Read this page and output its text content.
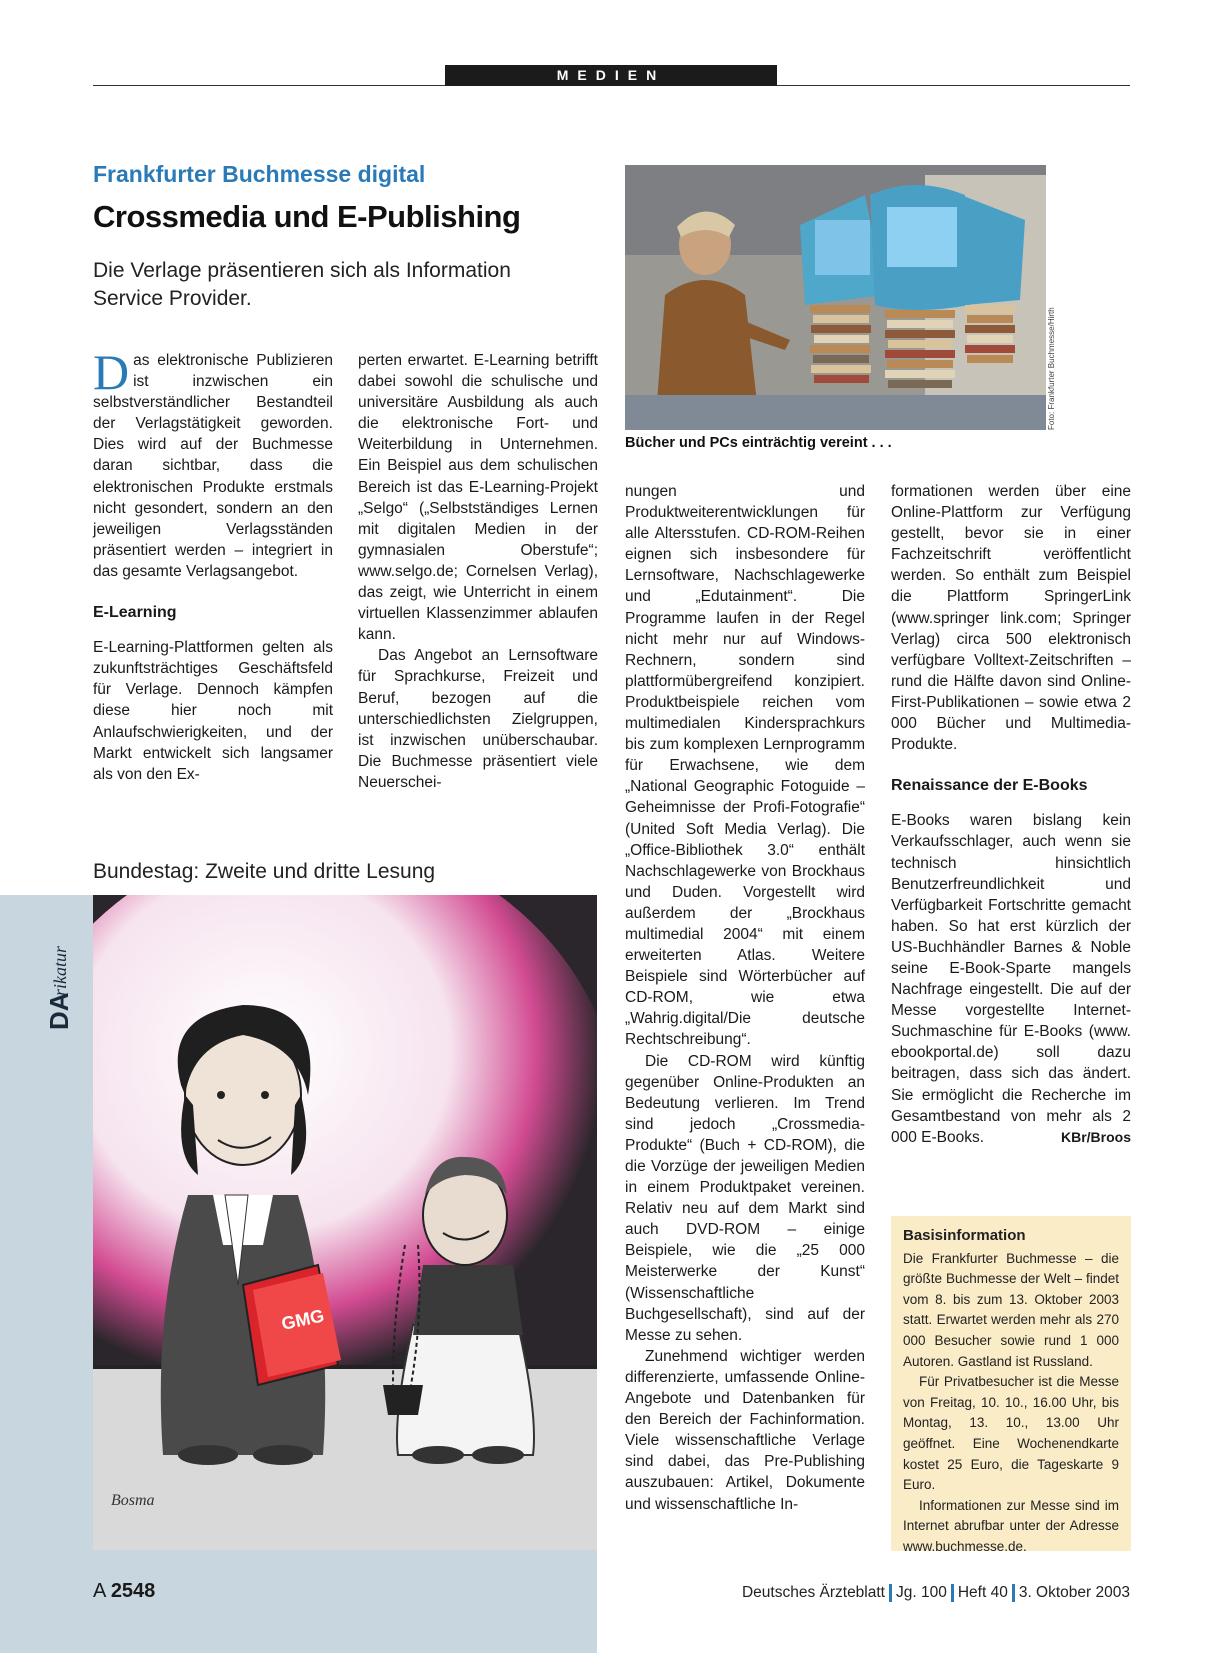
MEDIEN
Frankfurter Buchmesse digital
Crossmedia und E-Publishing
Die Verlage präsentieren sich als Information Service Provider.
Foto: Frankfurter Buchmesse/Hirth
Bücher und PCs einträchtig vereint . . .

Das elektronische Publizieren ist inzwischen ein selbstverständlicher Bestandteil der Verlagstätigkeit geworden. Dies wird auf der Buchmesse daran sichtbar, dass die elektronischen Produkte erstmals nicht gesondert, sondern an den jeweiligen Verlagsständen präsentiert werden – integriert in das gesamte Verlagsangebot.

E-Learning

E-Learning-Plattformen gelten als zukunftsträchtiges Geschäftsfeld für Verlage. Dennoch kämpfen diese hier noch mit Anlaufschwierigkeiten, und der Markt entwickelt sich langsamer als von den Ex-

perten erwartet. E-Learning betrifft dabei sowohl die schulische und universitäre Ausbildung als auch die elektronische Fort- und Weiterbildung in Unternehmen. Ein Beispiel aus dem schulischen Bereich ist das E-Learning-Projekt „Selgo“ („Selbstständiges Lernen mit digitalen Medien in der gymnasialen Oberstufe“; www.selgo.de; Cornelsen Verlag), das zeigt, wie Unterricht in einem virtuellen Klassenzimmer ablaufen kann.

Das Angebot an Lernsoftware für Sprachkurse, Freizeit und Beruf, bezogen auf die unterschiedlichsten Zielgruppen, ist inzwischen unüberschaubar. Die Buchmesse präsentiert viele Neuerschei-

nungen und Produktweiterentwicklungen für alle Altersstufen. CD-ROM-Reihen eignen sich insbesondere für Lernsoftware, Nachschlagewerke und „Edutainment“. Die Programme laufen in der Regel nicht mehr nur auf Windows-Rechnern, sondern sind plattformübergreifend konzipiert. Produktbeispiele reichen vom multimedialen Kindersprachkurs bis zum komplexen Lernprogramm für Erwachsene, wie dem „National Geographic Fotoguide – Geheimnisse der Profi-Fotografie“ (United Soft Media Verlag). Die „Office-Bibliothek 3.0“ enthält Nachschlagewerke von Brockhaus und Duden. Vorgestellt wird außerdem der „Brockhaus multimedial 2004“ mit einem erweiterten Atlas. Weitere Beispiele sind Wörterbücher auf CD-ROM, wie etwa „Wahrig.digital/Die deutsche Rechtschreibung“.

Die CD-ROM wird künftig gegenüber Online-Produkten an Bedeutung verlieren. Im Trend sind jedoch „Crossmedia-Produkte“ (Buch + CD-ROM), die die Vorzüge der jeweiligen Medien in einem Produktpaket vereinen. Relativ neu auf dem Markt sind auch DVD-ROM – einige Beispiele, wie die „25 000 Meisterwerke der Kunst“ (Wissenschaftliche Buchgesellschaft), sind auf der Messe zu sehen.

Zunehmend wichtiger werden differenzierte, umfassende Online-Angebote und Datenbanken für den Bereich der Fachinformation. Viele wissenschaftliche Verlage sind dabei, das Pre-Publishing auszubauen: Artikel, Dokumente und wissenschaftliche In-

formationen werden über eine Online-Plattform zur Verfügung gestellt, bevor sie in einer Fachzeitschrift veröffentlicht werden. So enthält zum Beispiel die Plattform SpringerLink (www.springer link.com; Springer Verlag) circa 500 elektronisch verfügbare Volltext-Zeitschriften – rund die Hälfte davon sind Online-First-Publikationen – sowie etwa 2 000 Bücher und Multimedia-Produkte.

Renaissance der E-Books

E-Books waren bislang kein Verkaufsschlager, auch wenn sie technisch hinsichtlich Benutzerfreundlichkeit und Verfügbarkeit Fortschritte gemacht haben. So hat erst kürzlich der US-Buchhändler Barnes & Noble seine E-Book-Sparte mangels Nachfrage eingestellt. Die auf der Messe vorgestellte Internet-Suchmaschine für E-Books (www. ebookportal.de) soll dazu beitragen, dass sich das ändert. Sie ermöglicht die Recherche im Gesamtbestand von mehr als 2 000 E-Books.	KBr/Broos

DA
rikatur
Bundestag: Zweite und dritte Lesung
GMG
Bosma
Basisinformation

Die Frankfurter Buchmesse – die größte Buchmesse der Welt – findet vom 8. bis zum 13. Oktober 2003 statt. Erwartet werden mehr als 270 000 Besucher sowie rund 1 000 Autoren. Gastland ist Russland.

Für Privatbesucher ist die Messe von Freitag, 10. 10., 16.00 Uhr, bis Montag, 13. 10., 13.00 Uhr geöffnet. Eine Wochenendkarte kostet 25 Euro, die Tageskarte 9 Euro.

Informationen zur Messe sind im Internet abrufbar unter der Adresse www.buchmesse.de.

A 2548	Deutsches Ärzteblatt Jg. 100 Heft 40 3. Oktober 2003
